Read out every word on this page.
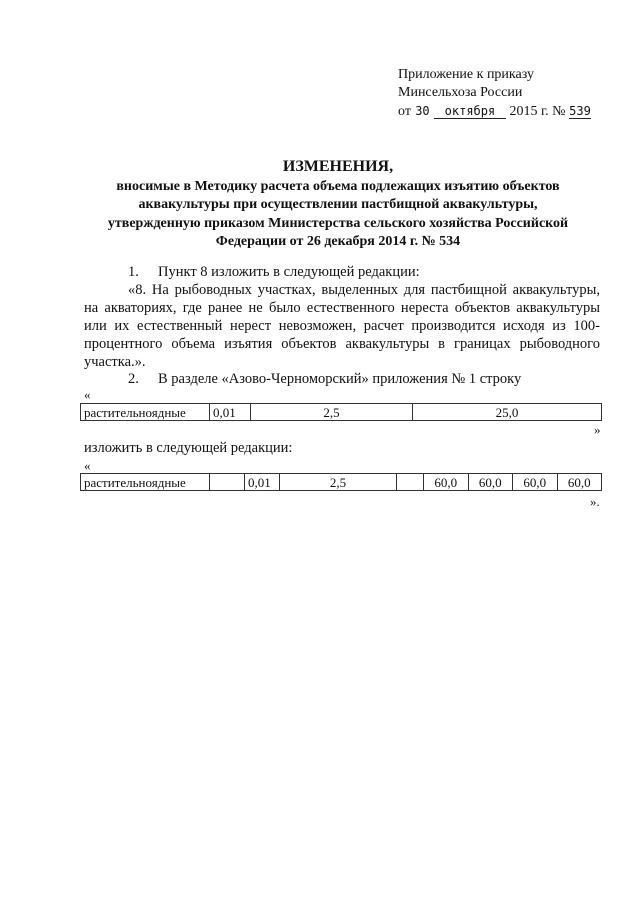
Приложение к приказу
Минсельхоза России
от 30 октября 2015 г. № 539
ИЗМЕНЕНИЯ,
вносимые в Методику расчета объема подлежащих изъятию объектов
аквакультуры при осуществлении пастбищной аквакультуры,
утвержденную приказом Министерства сельского хозяйства Российской
Федерации от 26 декабря 2014 г. № 534
1. Пункт 8 изложить в следующей редакции:
«8. На рыбоводных участках, выделенных для пастбищной аквакультуры, на акваториях, где ранее не было естественного нереста объектов аквакультуры или их естественный нерест невозможен, расчет производится исходя из 100-процентного объема изъятия объектов аквакультуры в границах рыбоводного участка.».
2. В разделе «Азово-Черноморский» приложения № 1 строку
«
растительноядные	0,01	2,5	25,0
»
изложить в следующей редакции:
«
растительноядные		0,01	2,5		60,0	60,0	60,0	60,0
».
